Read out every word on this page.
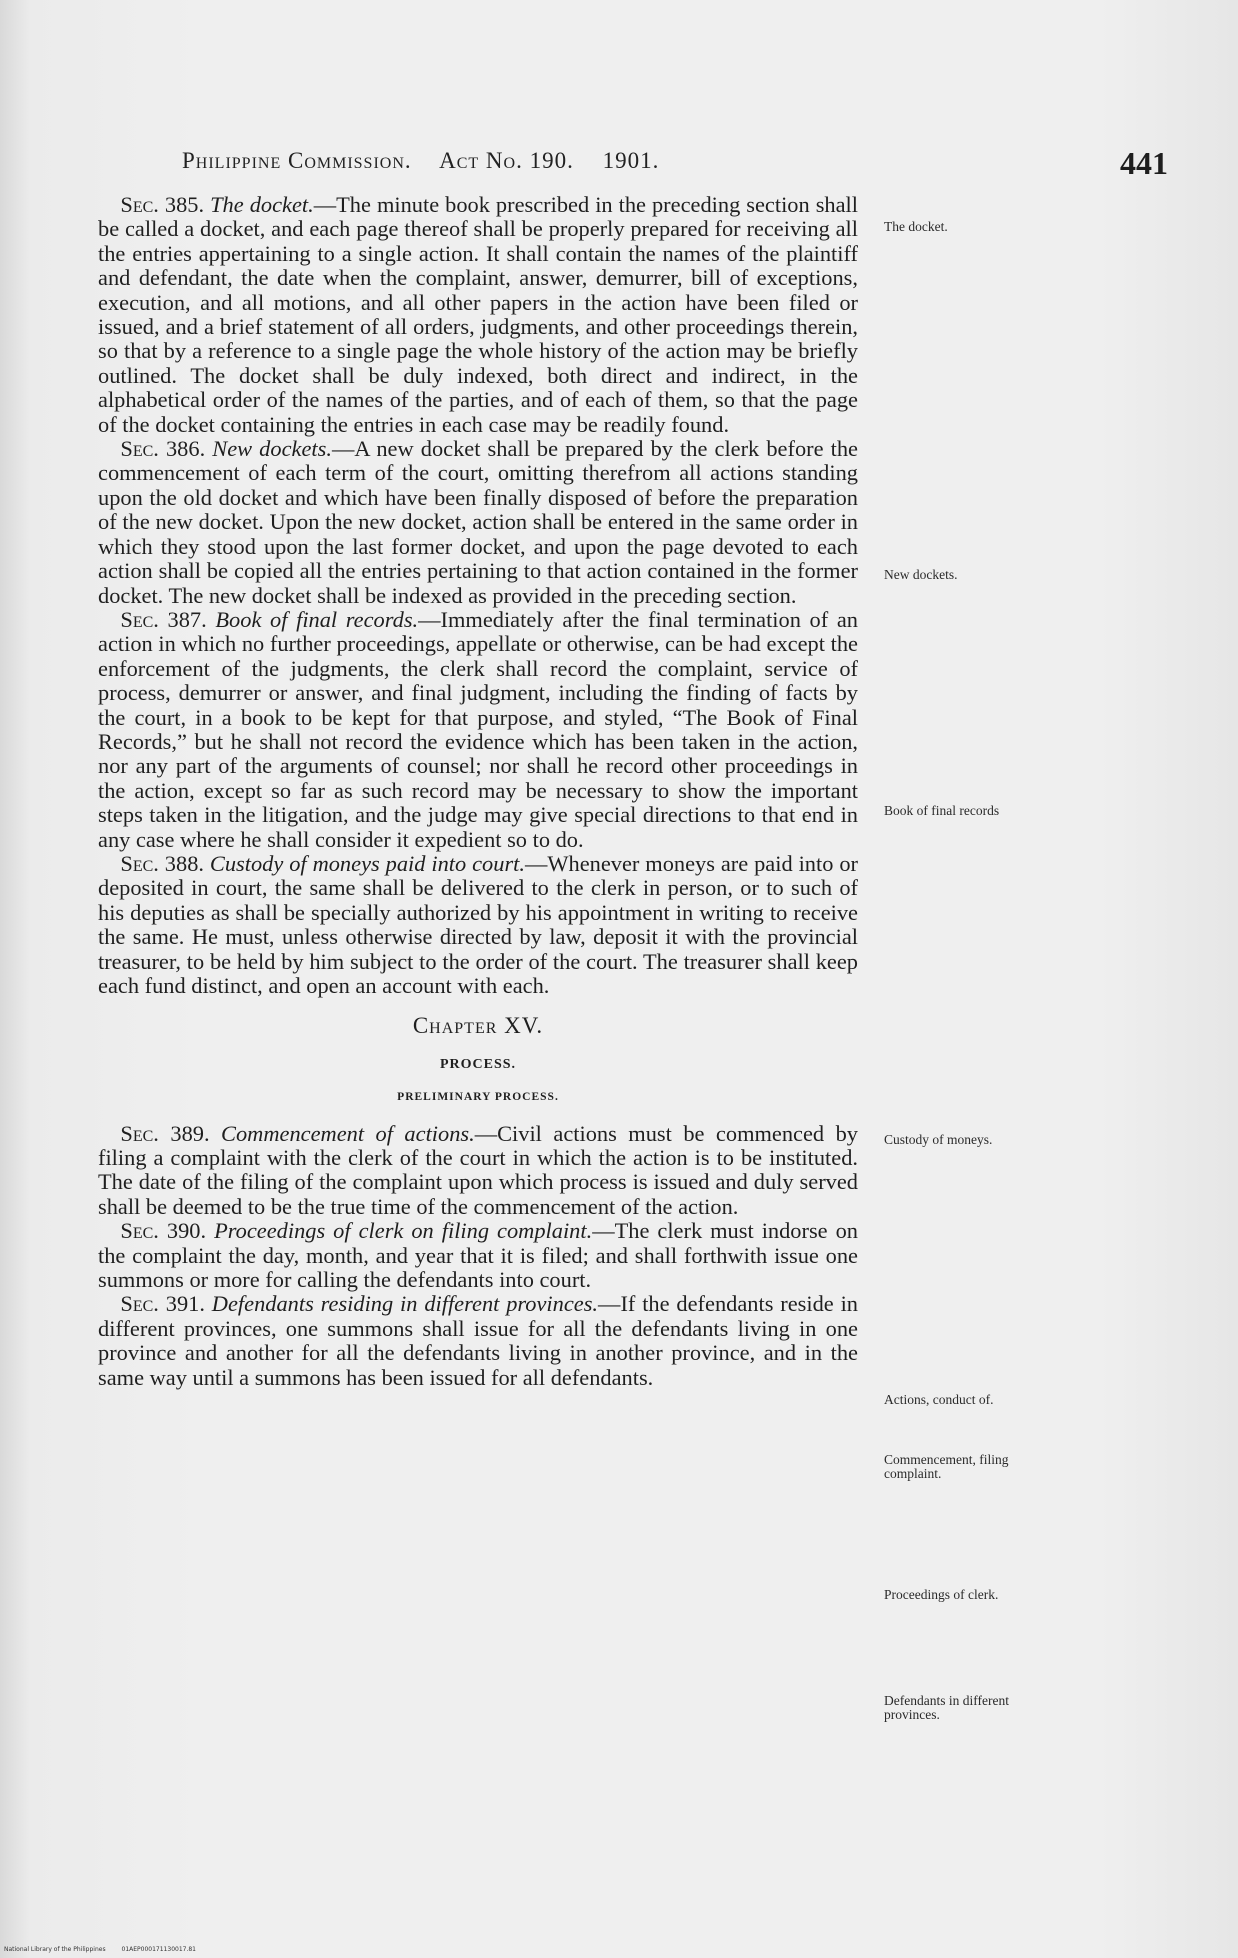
Philippine Commission. Act No. 190. 1901.	441

 Sec. 385. The docket.—The minute book prescribed in the preceding section shall be called a docket, and each page thereof shall be properly prepared for receiving all the entries appertaining to a single action. It shall contain the names of the plaintiff and defendant, the date when the complaint, answer, demurrer, bill of exceptions, execution, and all motions, and all other papers in the action have been filed or issued, and a brief statement of all orders, judgments, and other proceedings therein, so that by a reference to a single page the whole history of the action may be briefly outlined. The docket shall be duly indexed, both direct and indirect, in the alphabetical order of the names of the parties, and of each of them, so that the page of the docket containing the entries in each case may be readily found.

 Sec. 386. New dockets.—A new docket shall be prepared by the clerk before the commencement of each term of the court, omitting therefrom all actions standing upon the old docket and which have been finally disposed of before the preparation of the new docket. Upon the new docket, action shall be entered in the same order in which they stood upon the last former docket, and upon the page devoted to each action shall be copied all the entries pertaining to that action contained in the former docket. The new docket shall be indexed as provided in the preceding section.

 Sec. 387. Book of final records.—Immediately after the final termination of an action in which no further proceedings, appellate or otherwise, can be had except the enforcement of the judgments, the clerk shall record the complaint, service of process, demurrer or answer, and final judgment, including the finding of facts by the court, in a book to be kept for that purpose, and styled, “The Book of Final Records,” but he shall not record the evidence which has been taken in the action, nor any part of the arguments of counsel; nor shall he record other proceedings in the action, except so far as such record may be necessary to show the important steps taken in the litigation, and the judge may give special directions to that end in any case where he shall consider it expedient so to do.

 Sec. 388. Custody of moneys paid into court.—Whenever moneys are paid into or deposited in court, the same shall be delivered to the clerk in person, or to such of his deputies as shall be specially authorized by his appointment in writing to receive the same. He must, unless otherwise directed by law, deposit it with the provincial treasurer, to be held by him subject to the order of the court. The treasurer shall keep each fund distinct, and open an account with each.

Chapter XV.
PROCESS.
PRELIMINARY PROCESS.

 Sec. 389. Commencement of actions.—Civil actions must be commenced by filing a complaint with the clerk of the court in which the action is to be instituted. The date of the filing of the complaint upon which process is issued and duly served shall be deemed to be the true time of the commencement of the action.

 Sec. 390. Proceedings of clerk on filing complaint.—The clerk must indorse on the complaint the day, month, and year that it is filed; and shall forthwith issue one summons or more for calling the defendants into court.

 Sec. 391. Defendants residing in different provinces.—If the defendants reside in different provinces, one summons shall issue for all the defendants living in one province and another for all the defendants living in another province, and in the same way until a summons has been issued for all defendants.

The docket.
New dockets.
Book of final records
Custody of moneys.
Actions, conduct of.
Commencement, filing complaint.
Proceedings of clerk.
Defendants in different provinces.
National Library of the Philippines	01AEP000171130017.81
